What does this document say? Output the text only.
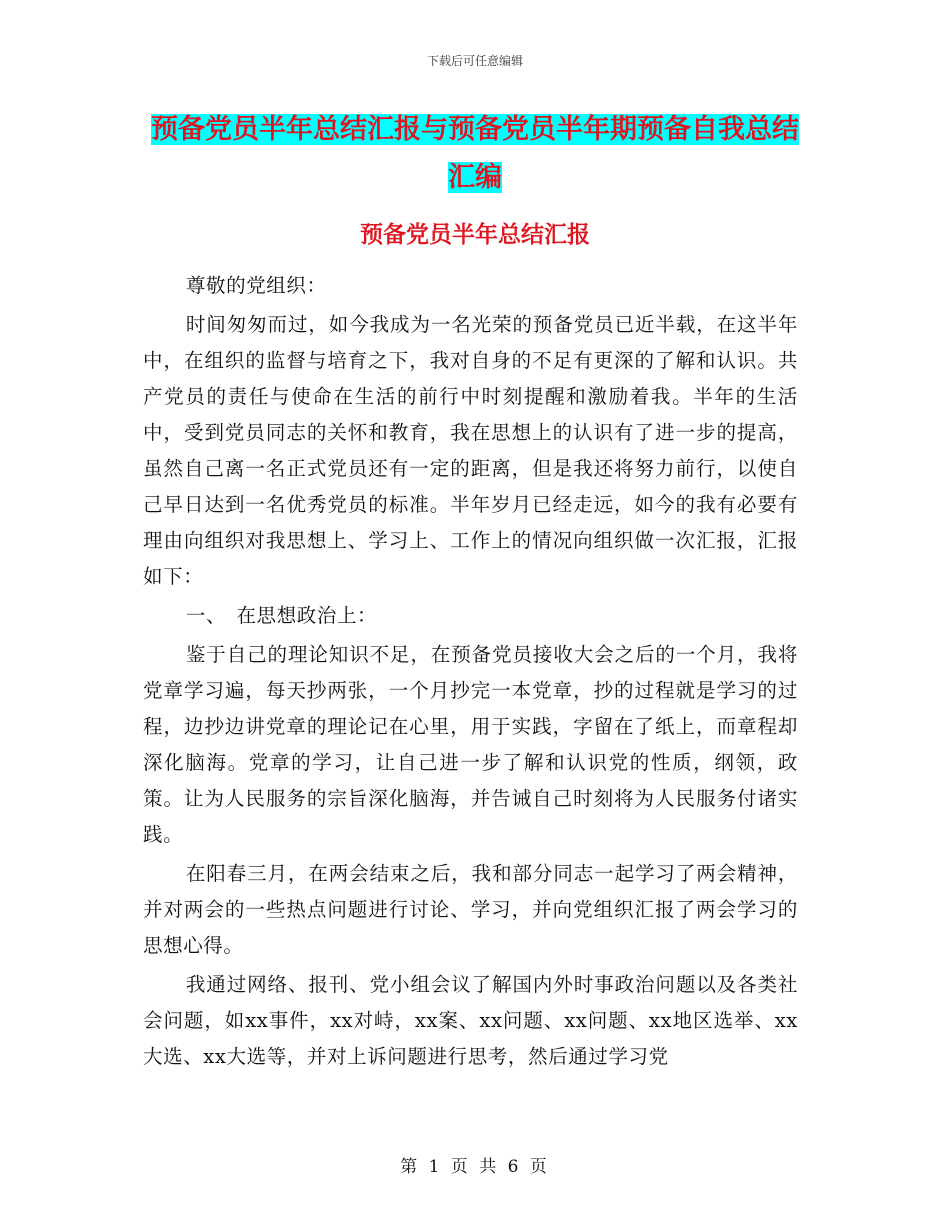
下载后可任意编辑
预备党员半年总结汇报与预备党员半年期预备自我总结汇编
预备党员半年总结汇报

尊敬的党组织：

时间匆匆而过，如今我成为一名光荣的预备党员已近半载，在这半年中，在组织的监督与培育之下，我对自身的不足有更深的了解和认识。共产党员的责任与使命在生活的前行中时刻提醒和激励着我。半年的生活中，受到党员同志的关怀和教育，我在思想上的认识有了进一步的提高，虽然自己离一名正式党员还有一定的距离，但是我还将努力前行，以使自己早日达到一名优秀党员的标准。半年岁月已经走远，如今的我有必要有理由向组织对我思想上、学习上、工作上的情况向组织做一次汇报，汇报如下：

一、　在思想政治上：

鉴于自己的理论知识不足，在预备党员接收大会之后的一个月，我将党章学习遍，每天抄两张，一个月抄完一本党章，抄的过程就是学习的过程，边抄边讲党章的理论记在心里，用于实践，字留在了纸上，而章程却深化脑海。党章的学习，让自己进一步了解和认识党的性质，纲领，政策。让为人民服务的宗旨深化脑海，并告诫自己时刻将为人民服务付诸实践。

在阳春三月，在两会结束之后，我和部分同志一起学习了两会精神，并对两会的一些热点问题进行讨论、学习，并向党组织汇报了两会学习的思想心得。

我通过网络、报刊、党小组会议了解国内外时事政治问题以及各类社会问题，如xx事件，xx对峙，xx案、xx问题、xx问题、xx地区选举、xx大选、xx大选等，并对上诉问题进行思考，然后通过学习党

第 1 页 共 6 页
